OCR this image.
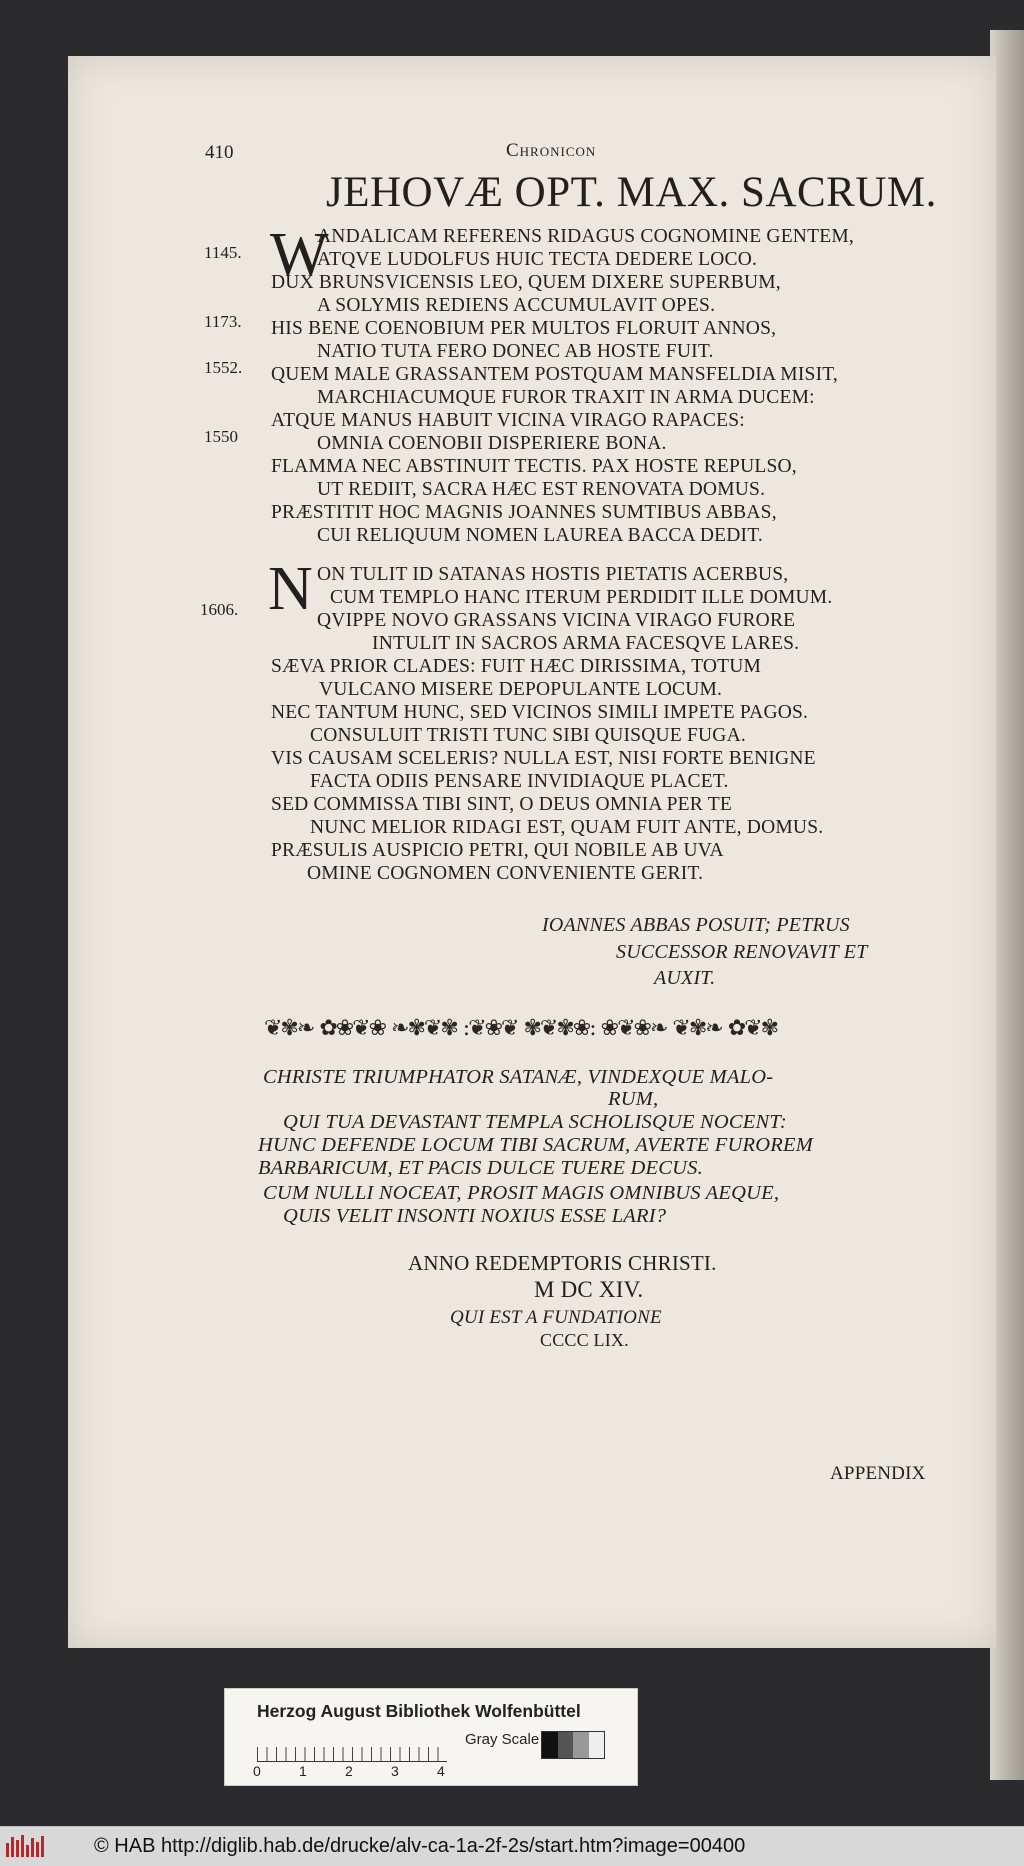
410	Chronicon
JEHOVÆ OPT. MAX. SACRUM.
1145.
1173.
1552.
1550
1606.
W
ANDALICAM REFERENS RIDAGUS COGNOMINE GENTEM,
ATQVE LUDOLFUS HUIC TECTA DEDERE LOCO.
DUX BRUNSVICENSIS LEO, QUEM DIXERE SUPERBUM,
A SOLYMIS REDIENS ACCUMULAVIT OPES.
HIS BENE COENOBIUM PER MULTOS FLORUIT ANNOS,
NATIO TUTA FERO DONEC AB HOSTE FUIT.
QUEM MALE GRASSANTEM POSTQUAM MANSFELDIA MISIT,
MARCHIACUMQUE FUROR TRAXIT IN ARMA DUCEM:
ATQUE MANUS HABUIT VICINA VIRAGO RAPACES:
OMNIA COENOBII DISPERIERE BONA.
FLAMMA NEC ABSTINUIT TECTIS. PAX HOSTE REPULSO,
UT REDIIT, SACRA HÆC EST RENOVATA DOMUS.
PRÆSTITIT HOC MAGNIS JOANNES SUMTIBUS ABBAS,
CUI RELIQUUM NOMEN LAUREA BACCA DEDIT.
N ON TULIT ID SATANAS HOSTIS PIETATIS ACERBUS,
CUM TEMPLO HANC ITERUM PERDIDIT ILLE DOMUM.
QVIPPE NOVO GRASSANS VICINA VIRAGO FURORE
INTULIT IN SACROS ARMA FACESQVE LARES.
SÆVA PRIOR CLADES: FUIT HÆC DIRISSIMA, TOTUM
VULCANO MISERE DEPOPULANTE LOCUM.
NEC TANTUM HUNC, SED VICINOS SIMILI IMPETE PAGOS.
CONSULUIT TRISTI TUNC SIBI QUISQUE FUGA.
VIS CAUSAM SCELERIS? NULLA EST, NISI FORTE BENIGNE
FACTA ODIIS PENSARE INVIDIAQUE PLACET.
SED COMMISSA TIBI SINT, O DEUS OMNIA PER TE
NUNC MELIOR RIDAGI EST, QUAM FUIT ANTE, DOMUS.
PRÆSULIS AUSPICIO PETRI, QUI NOBILE AB UVA
OMINE COGNOMEN CONVENIENTE GERIT.
IOANNES ABBAS POSUIT; PETRUS
SUCCESSOR RENOVAVIT ET
AUXIT.
❦✾❧ ✿❀❦❀ ❧✾❦✾ :❦❀❦ ✾❦✾❀: ❀❦❀❧ ❦✾❧ ✿❦✾
CHRISTE TRIUMPHATOR SATANÆ, VINDEXQUE MALO-
RUM,
QUI TUA DEVASTANT TEMPLA SCHOLISQUE NOCENT:
HUNC DEFENDE LOCUM TIBI SACRUM, AVERTE FUROREM
BARBARICUM, ET PACIS DULCE TUERE DECUS.
CUM NULLI NOCEAT, PROSIT MAGIS OMNIBUS AEQUE,
QUIS VELIT INSONTI NOXIUS ESSE LARI?
ANNO REDEMPTORIS CHRISTI.
M DC XIV.
QUI EST A FUNDATIONE
CCCC LIX.
APPENDIX
Herzog August Bibliothek Wolfenbüttel
0	1	2	3	4
Gray Scale
© HAB http://diglib.hab.de/drucke/alv-ca-1a-2f-2s/start.htm?image=00400
